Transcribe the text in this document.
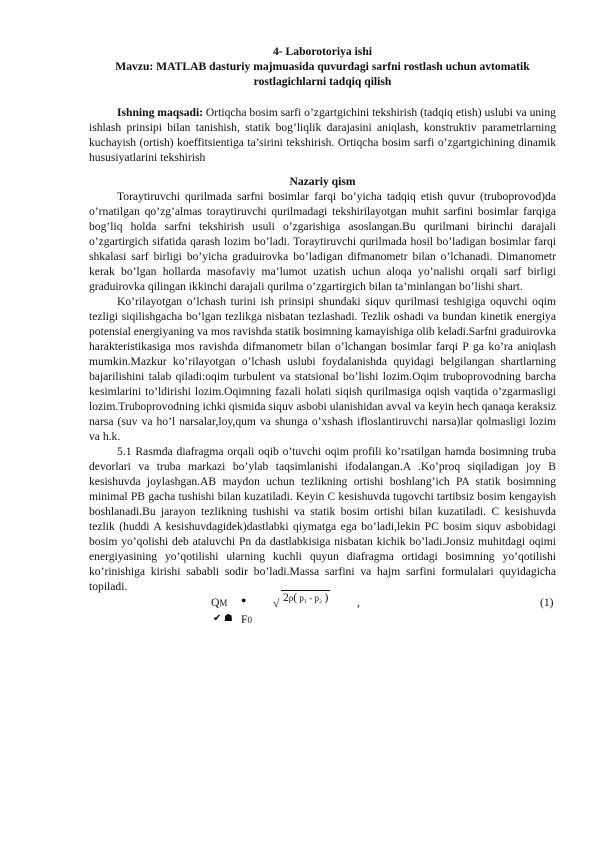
4- Laborotoriya ishi
Mavzu: MATLAB dasturiy majmuasida quvurdagi sarfni rostlash uchun avtomatik rostlagichlarni tadqiq qilish

Ishning maqsadi: Ortiqcha bosim sarfi o’zgartgichini tekshirish (tadqiq etish) uslubi va uning ishlash prinsipi bilan tanishish, statik bog’liqlik darajasini aniqlash, konstruktiv parametrlarning kuchayish (ortish) koeffitsientiga ta’sirini tekshirish. Ortiqcha bosim sarfi o’zgartgichining dinamik hususiyatlarini tekshirish

Nazariy qism

Toraytiruvchi qurilmada sarfni bosimlar farqi bo’yicha tadqiq etish quvur (truboprovod)da o’rnatilgan qo’zg’almas toraytiruvchi qurilmadagi tekshirilayotgan muhit sarfini bosimlar farqiga bog’liq holda sarfni tekshirish usuli o’zgarishiga asoslangan.Bu qurilmani birinchi darajali o’zgartirgich sifatida qarash lozim bo’ladi. Toraytiruvchi qurilmada hosil bo’ladigan bosimlar farqi shkalasi sarf birligi bo’yicha graduirovka bo’ladigan difmanometr bilan o’lchanadi. Dimanometr kerak bo’lgan hollarda masofaviy ma’lumot uzatish uchun aloqa yo’nalishi orqali sarf birligi graduirovka qilingan ikkinchi darajali qurilma o’zgartirgich bilan ta’minlangan bo’lishi shart.

Ko’rilayotgan o’lchash turini ish prinsipi shundaki siquv qurilmasi teshigiga oquvchi oqim tezligi siqilishgacha bo’lgan tezlikga nisbatan tezlashadi. Tezlik oshadi va bundan kinetik energiya potensial energiyaning va mos ravishda statik bosimning kamayishiga olib keladi.Sarfni graduirovka harakteristikasiga mos ravishda difmanometr bilan o’lchangan bosimlar farqi P ga ko’ra aniqlash mumkin.Mazkur ko’rilayotgan o’lchash uslubi foydalanishda quyidagi belgilangan shartlarning bajarilishini talab qiladi:oqim turbulent va statsional bo’lishi lozim.Oqim truboprovodning barcha kesimlarini to’ldirishi lozim.Oqimning fazali holati siqish qurilmasiga oqish vaqtida o’zgarmasligi lozim.Truboprovodning ichki qismida siquv asbobi ulanishidan avval va keyin hech qanaqa keraksiz narsa (suv va ho’l narsalar,loy,qum va shunga o’xshash ifloslantiruvchi narsa)lar qolmasligi lozim va h.k.

5.1 Rasmda diafragma orqali oqib o’tuvchi oqim profili ko’rsatilgan hamda bosimning truba devorlari va truba markazi bo’ylab taqsimlanishi ifodalangan.A .Ko’proq siqiladigan joy B kesishuvda joylashgan.AB maydon uchun tezlikning ortishi boshlang’ich PA statik bosimning minimal PB gacha tushishi bilan kuzatiladi. Keyin C kesishuvda tugovchi tartibsiz bosim kengayish boshlanadi.Bu jarayon tezlikning tushishi va statik bosim ortishi bilan kuzatiladi. C kesishuvda tezlik (huddi A kesishuvdagidek)dastlabki qiymatga ega bo’ladi,lekin PC bosim siquv asbobidagi bosim yo’qolishi deb ataluvchi Pn da dastlabkisiga nisbatan kichik bo’ladi.Jonsiz muhitdagi oqimi energiyasining yo’qotilishi ularning kuchli quyun diafragma ortidagi bosimning yo’qotilishi ko’rinishiga kirishi sababli sodir bo’ladi.Massa sarfini va hajm sarfini formulalari quyidagicha topiladi.

QM ● √ 2ρ( p₁ - p₂ ) ,	(1)
✔ ☗ F0
